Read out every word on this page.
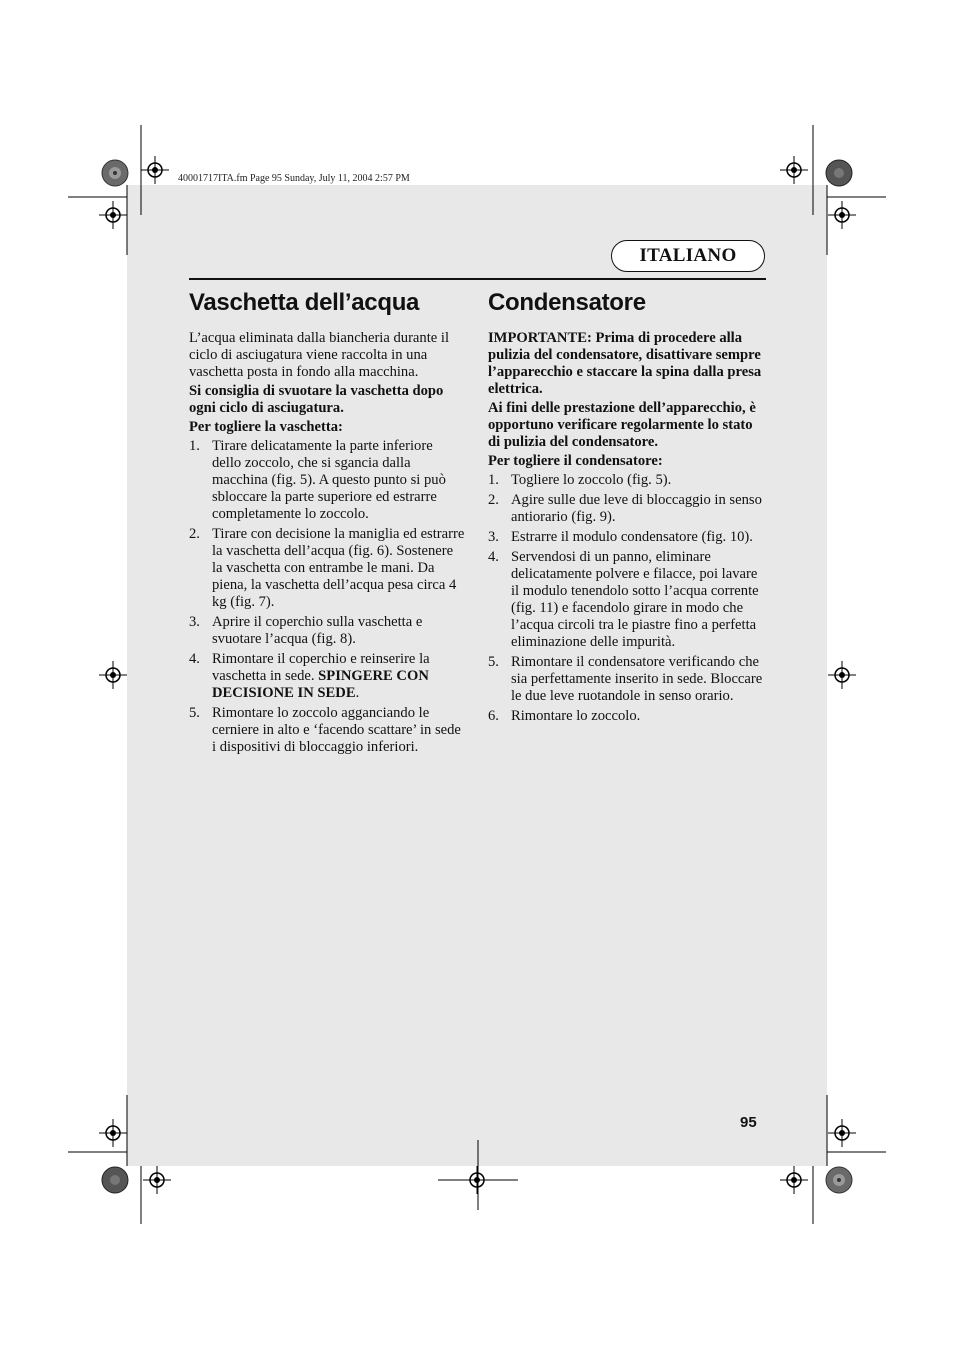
40001717ITA.fm Page 95 Sunday, July 11, 2004 2:57 PM
ITALIANO
Vaschetta dell’acqua

L’acqua eliminata dalla biancheria durante il ciclo di asciugatura viene raccolta in una vaschetta posta in fondo alla macchina.

Si consiglia di svuotare la vaschetta dopo ogni ciclo di asciugatura.

Per togliere la vaschetta:

1. Tirare delicatamente la parte inferiore dello zoccolo, che si sgancia dalla macchina (fig. 5). A questo punto si può sbloccare la parte superiore ed estrarre completamente lo zoccolo.
2. Tirare con decisione la maniglia ed estrarre la vaschetta dell’acqua (fig. 6). Sostenere la vaschetta con entrambe le mani. Da piena, la vaschetta dell’acqua pesa circa 4 kg (fig. 7).
3. Aprire il coperchio sulla vaschetta e svuotare l’acqua (fig. 8).
4. Rimontare il coperchio e reinserire la vaschetta in sede. SPINGERE CON DECISIONE IN SEDE.
5. Rimontare lo zoccolo agganciando le cerniere in alto e ‘facendo scattare’ in sede i dispositivi di bloccaggio inferiori.
Condensatore

IMPORTANTE: Prima di procedere alla pulizia del condensatore, disattivare sempre l’apparecchio e staccare la spina dalla presa elettrica.

Ai fini delle prestazione dell’apparecchio, è opportuno verificare regolarmente lo stato di pulizia del condensatore.

Per togliere il condensatore:

1. Togliere lo zoccolo (fig. 5).
2. Agire sulle due leve di bloccaggio in senso antiorario (fig. 9).
3. Estrarre il modulo condensatore (fig. 10).
4. Servendosi di un panno, eliminare delicatamente polvere e filacce, poi lavare il modulo tenendolo sotto l’acqua corrente (fig. 11) e facendolo girare in modo che l’acqua circoli tra le piastre fino a perfetta eliminazione delle impurità.
5. Rimontare il condensatore verificando che sia perfettamente inserito in sede. Bloccare le due leve ruotandole in senso orario.
6. Rimontare lo zoccolo.
95
